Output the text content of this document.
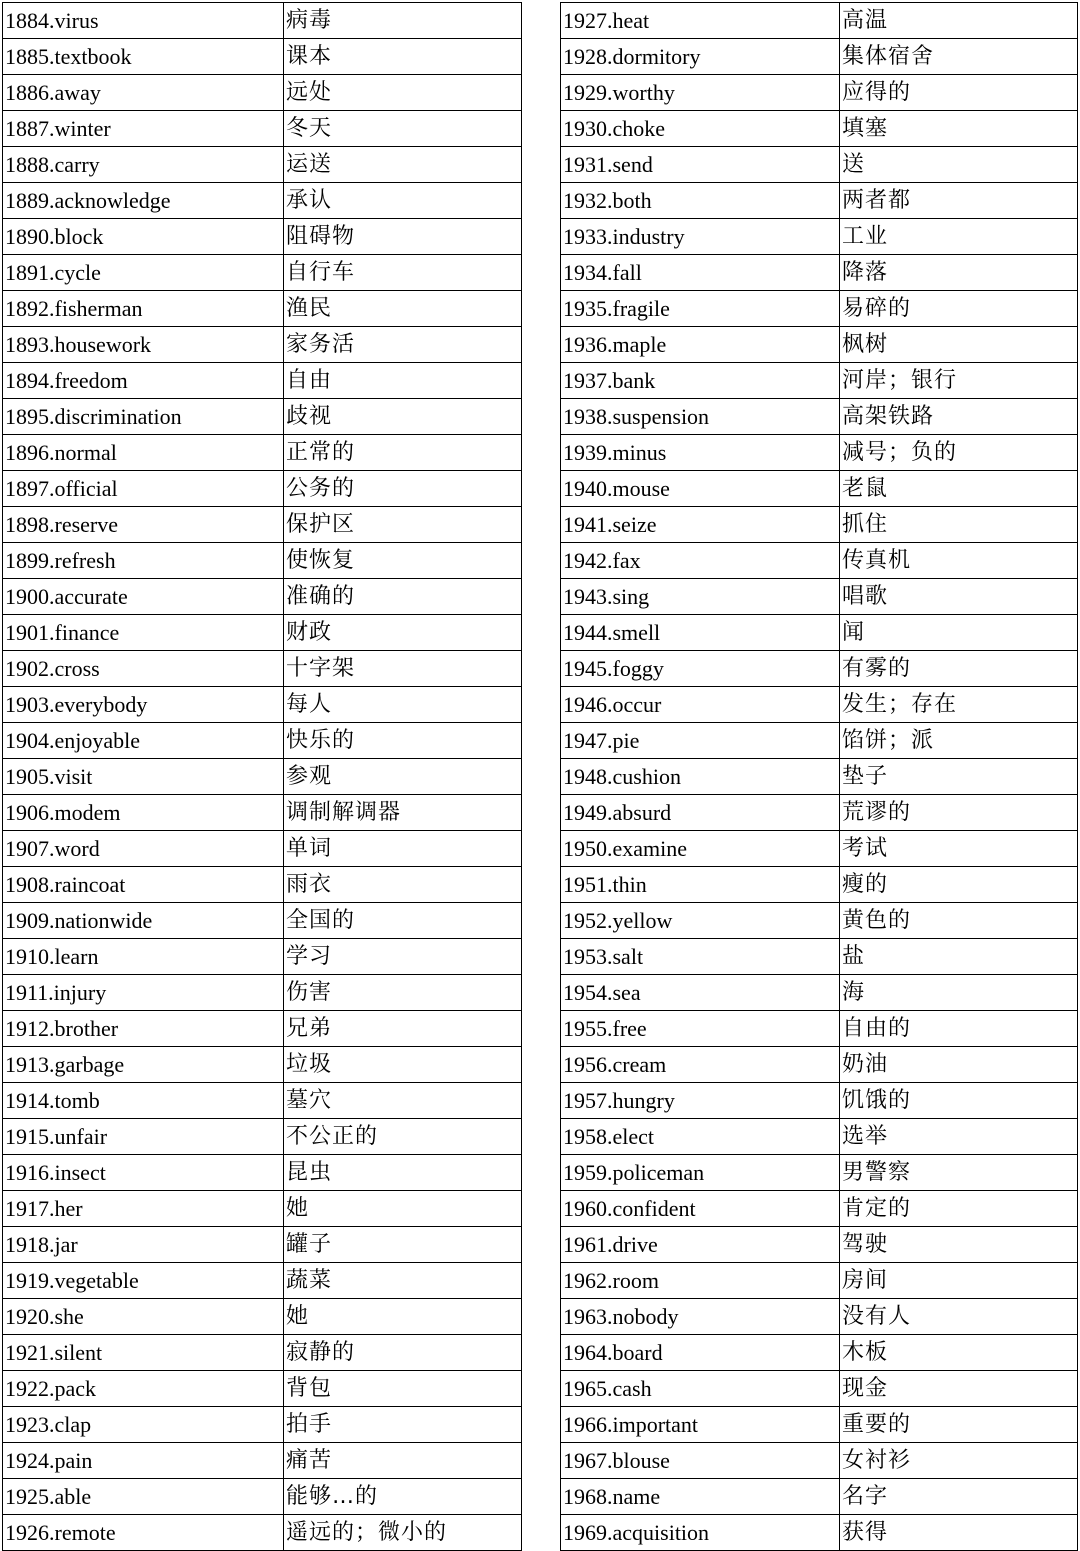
1884.virus	病毒
1885.textbook	课本
1886.away	远处
1887.winter	冬天
1888.carry	运送
1889.acknowledge	承认
1890.block	阻碍物
1891.cycle	自行车
1892.fisherman	渔民
1893.housework	家务活
1894.freedom	自由
1895.discrimination	歧视
1896.normal	正常的
1897.official	公务的
1898.reserve	保护区
1899.refresh	使恢复
1900.accurate	准确的
1901.finance	财政
1902.cross	十字架
1903.everybody	每人
1904.enjoyable	快乐的
1905.visit	参观
1906.modem	调制解调器
1907.word	单词
1908.raincoat	雨衣
1909.nationwide	全国的
1910.learn	学习
1911.injury	伤害
1912.brother	兄弟
1913.garbage	垃圾
1914.tomb	墓穴
1915.unfair	不公正的
1916.insect	昆虫
1917.her	她
1918.jar	罐子
1919.vegetable	蔬菜
1920.she	她
1921.silent	寂静的
1922.pack	背包
1923.clap	拍手
1924.pain	痛苦
1925.able	能够…的
1926.remote	遥远的；微小的
1927.heat	高温
1928.dormitory	集体宿舍
1929.worthy	应得的
1930.choke	填塞
1931.send	送
1932.both	两者都
1933.industry	工业
1934.fall	降落
1935.fragile	易碎的
1936.maple	枫树
1937.bank	河岸；银行
1938.suspension	高架铁路
1939.minus	减号；负的
1940.mouse	老鼠
1941.seize	抓住
1942.fax	传真机
1943.sing	唱歌
1944.smell	闻
1945.foggy	有雾的
1946.occur	发生；存在
1947.pie	馅饼；派
1948.cushion	垫子
1949.absurd	荒谬的
1950.examine	考试
1951.thin	瘦的
1952.yellow	黄色的
1953.salt	盐
1954.sea	海
1955.free	自由的
1956.cream	奶油
1957.hungry	饥饿的
1958.elect	选举
1959.policeman	男警察
1960.confident	肯定的
1961.drive	驾驶
1962.room	房间
1963.nobody	没有人
1964.board	木板
1965.cash	现金
1966.important	重要的
1967.blouse	女衬衫
1968.name	名字
1969.acquisition	获得
